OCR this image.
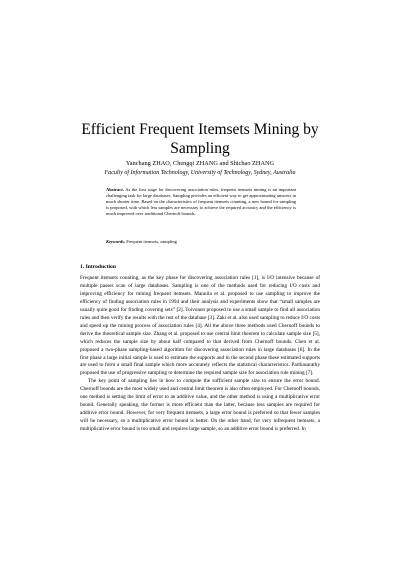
Efficient Frequent Itemsets Mining by Sampling
Yanchang ZHAO, Chengqi ZHANG and Shichao ZHANG
Faculty of Information Technology, University of Technology, Sydney, Australia
Abstract. As the first stage for discovering association rules, frequent itemsets mining is an important challenging task for large databases. Sampling provides an efficient way to get approximating answers in much shorter time. Based on the characteristics of frequent itemsets counting, a new bound for sampling is proposed, with which less samples are necessary to achieve the required accuracy and the efficiency is much improved over traditional Chernoff bounds.
Keywords. Frequent itemsets, sampling
1. Introduction

Frequent itemsets counting, as the key phase for discovering association rules [1], is I/O intensive because of multiple passes scan of large databases. Sampling is one of the methods used for reducing I/O costs and improving efficiency for mining frequent itemsets. Mannila et al. proposed to use sampling to improve the efficiency of finding association rules in 1994 and their analysis and experiments show that “small samples are usually quite good for finding covering sets” [2]. Toivonen proposed to use a small sample to find all association rules and then verify the results with the rest of the database [3]. Zaki et al. also used sampling to reduce I/O costs and speed up the mining process of association rules [4]. All the above three methods used Chernoff bounds to derive the theoretical sample size. Zhang et al. proposed to use central limit theorem to calculate sample size [5], which reduces the sample size by about half compared to that derived from Chernoff bounds. Chen et al. proposed a two-phase sampling-based algorithm for discovering association rules in large databases [6]. In the first phase a large initial sample is used to estimate the supports and in the second phase these estimated supports are used to form a small final sample which more accurately reflects the statistical characteristics. Parthasarathy proposed the use of progressive sampling to determine the required sample size for association rule mining [7].

The key point of sampling lies in how to compute the sufficient sample size to ensure the error bound. Chernoff bounds are the most widely used and central limit theorem is also often employed. For Chernoff bounds, one method is setting the limit of error to an additive value, and the other method is using a multiplicative error bound. Generally speaking, the former is more efficient than the latter, because less samples are required for additive error bound. However, for very frequent itemsets, a large error bound is preferred so that fewer samples will be necessary, so a multiplicative error bound is better. On the other hand, for very infrequent itemsets, a multiplicative error bound is too small and requires large sample, so an additive error bound is preferred. In
